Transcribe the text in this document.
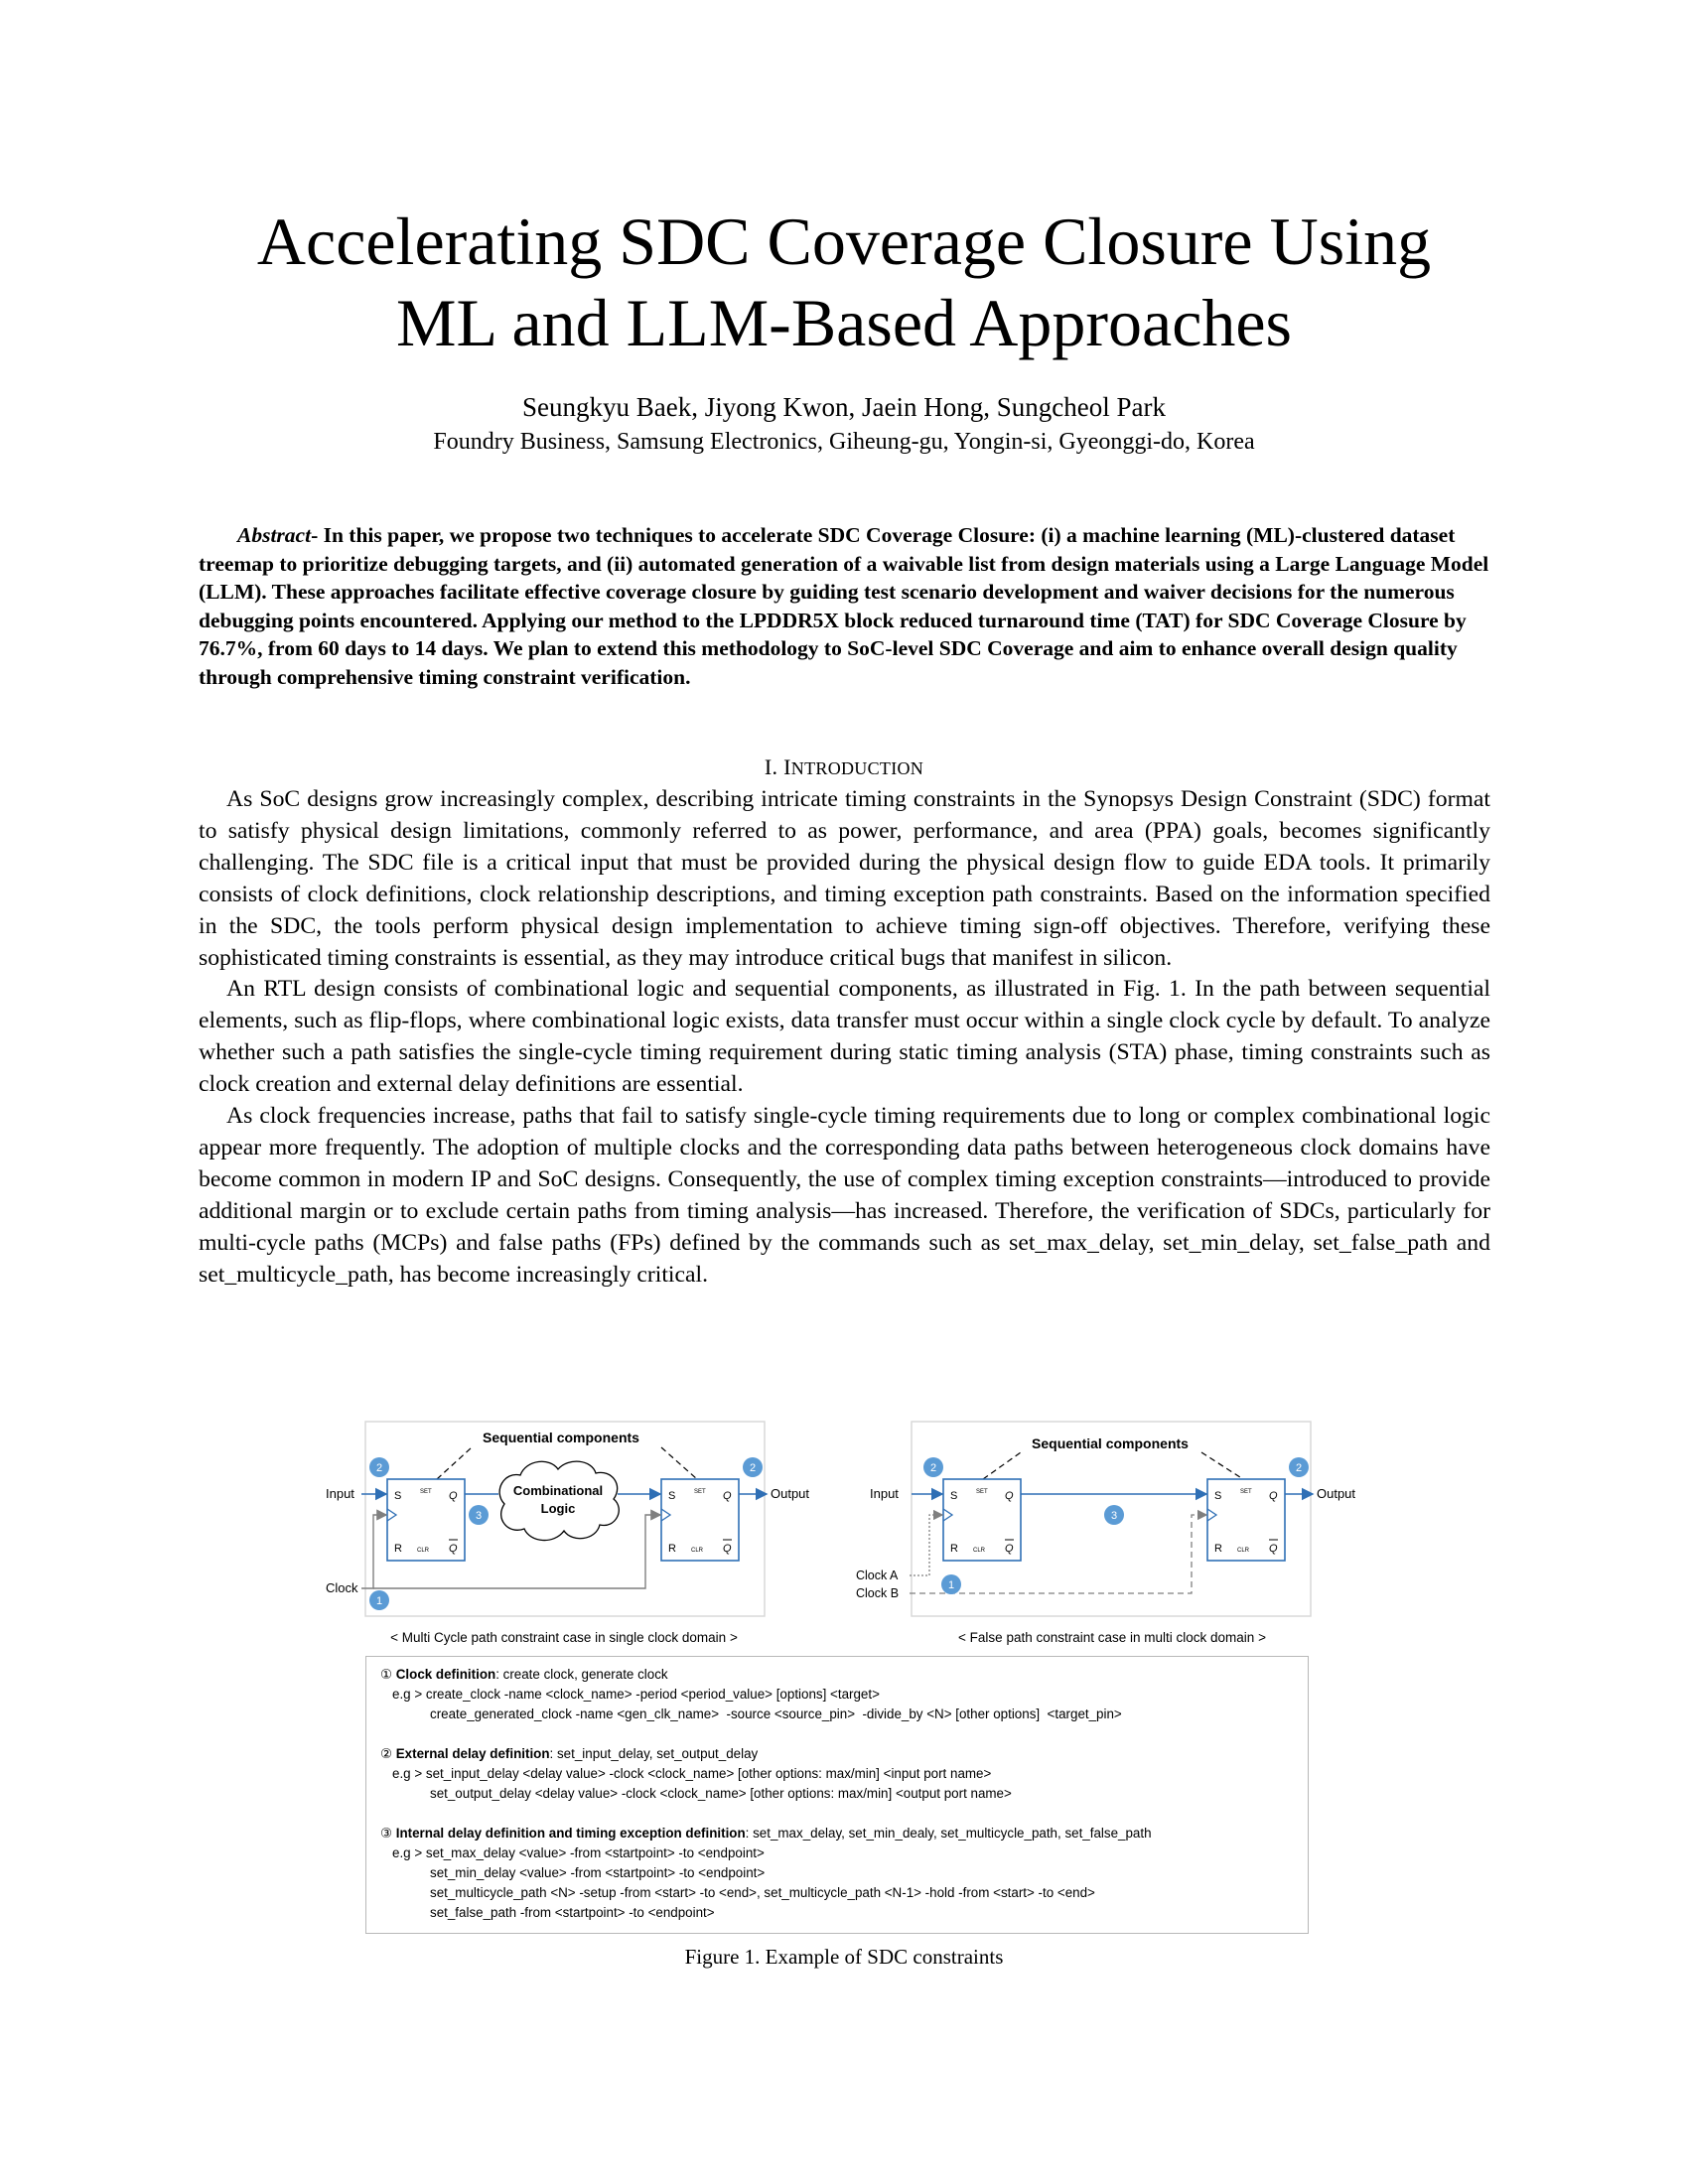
Accelerating SDC Coverage Closure Using
ML and LLM-Based Approaches
Seungkyu Baek, Jiyong Kwon, Jaein Hong, Sungcheol Park
Foundry Business, Samsung Electronics, Giheung-gu, Yongin-si, Gyeonggi-do, Korea

Abstract- In this paper, we propose two techniques to accelerate SDC Coverage Closure: (i) a machine learning (ML)-clustered dataset treemap to prioritize debugging targets, and (ii) automated generation of a waivable list from design materials using a Large Language Model (LLM). These approaches facilitate effective coverage closure by guiding test scenario development and waiver decisions for the numerous debugging points encountered. Applying our method to the LPDDR5X block reduced turnaround time (TAT) for SDC Coverage Closure by 76.7%, from 60 days to 14 days. We plan to extend this methodology to SoC-level SDC Coverage and aim to enhance overall design quality through comprehensive timing constraint verification.

I. INTRODUCTION

As SoC designs grow increasingly complex, describing intricate timing constraints in the Synopsys Design Constraint (SDC) format to satisfy physical design limitations, commonly referred to as power, performance, and area (PPA) goals, becomes significantly challenging. The SDC file is a critical input that must be provided during the physical design flow to guide EDA tools. It primarily consists of clock definitions, clock relationship descriptions, and timing exception path constraints. Based on the information specified in the SDC, the tools perform physical design implementation to achieve timing sign-off objectives. Therefore, verifying these sophisticated timing constraints is essential, as they may introduce critical bugs that manifest in silicon.

An RTL design consists of combinational logic and sequential components, as illustrated in Fig. 1. In the path between sequential elements, such as flip-flops, where combinational logic exists, data transfer must occur within a single clock cycle by default. To analyze whether such a path satisfies the single-cycle timing requirement during static timing analysis (STA) phase, timing constraints such as clock creation and external delay definitions are essential.

As clock frequencies increase, paths that fail to satisfy single-cycle timing requirements due to long or complex combinational logic appear more frequently. The adoption of multiple clocks and the corresponding data paths between heterogeneous clock domains have become common in modern IP and SoC designs. Consequently, the use of complex timing exception constraints—introduced to provide additional margin or to exclude certain paths from timing analysis—has increased. Therefore, the verification of SDCs, particularly for multi-cycle paths (MCPs) and false paths (FPs) defined by the commands such as set_max_delay, set_min_delay, set_false_path and set_multicycle_path, has become increasingly critical.

Sequential components
S	SET Q
R	CLR Q
S	SET Q
R	CLR Q
Combinational
Logic
Input	Output
Clock
2	2
3
1
< Multi Cycle path constraint case in single clock domain >
Sequential components
S	SET Q
R	CLR Q
S	SET Q
R	CLR Q
Input	Output
Clock A
Clock B
2	2
3
1
< False path constraint case in multi clock domain >
① Clock definition: create clock, generate clock
e.g > create_clock -name <clock_name> -period <period_value> [options] <target>
create_generated_clock -name <gen_clk_name>  -source <source_pin>  -divide_by <N> [other options]  <target_pin>
② External delay definition: set_input_delay, set_output_delay
e.g > set_input_delay <delay value> -clock <clock_name> [other options: max/min] <input port name>
set_output_delay <delay value> -clock <clock_name> [other options: max/min] <output port name>
③ Internal delay definition and timing exception definition: set_max_delay, set_min_dealy, set_multicycle_path, set_false_path
e.g > set_max_delay <value> -from <startpoint> -to <endpoint>
set_min_delay <value> -from <startpoint> -to <endpoint>
set_multicycle_path <N> -setup -from <start> -to <end>, set_multicycle_path <N-1> -hold -from <start> -to <end>
set_false_path -from <startpoint> -to <endpoint>
Figure 1. Example of SDC constraints
